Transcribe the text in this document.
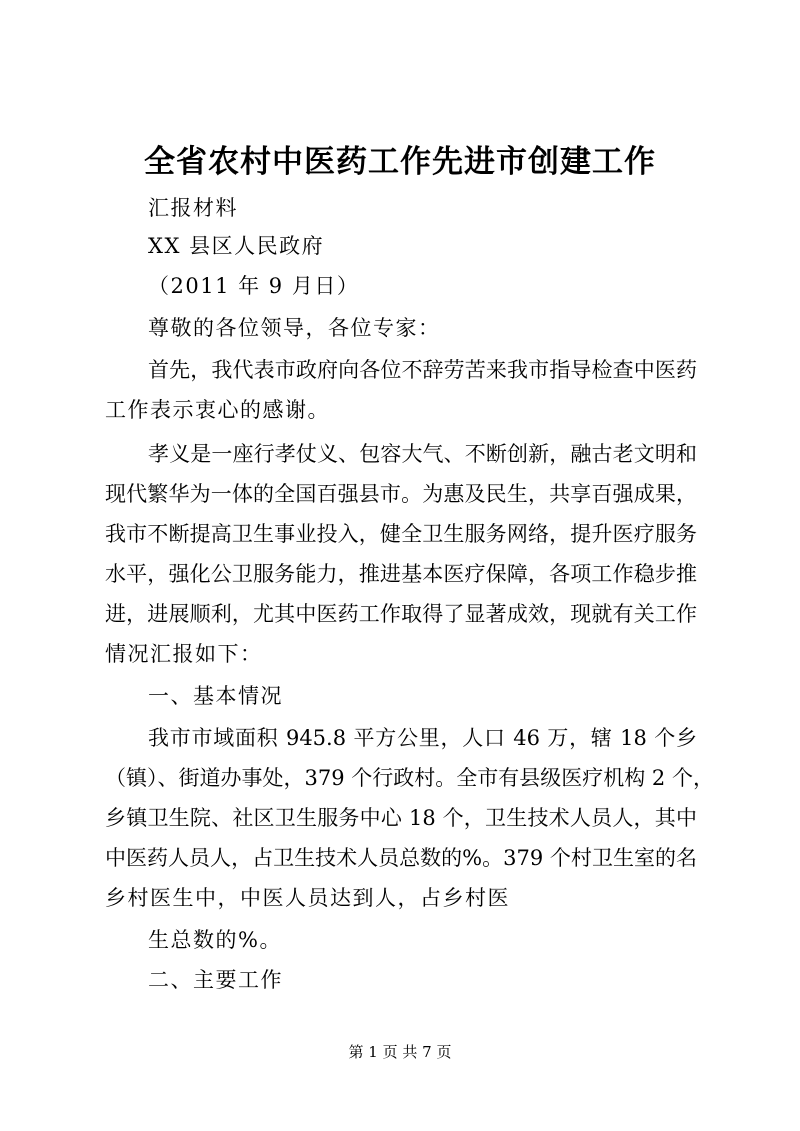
全省农村中医药工作先进市创建工作
汇报材料
XX 县区人民政府
（2011 年 9 月日）
尊敬的各位领导，各位专家：
首先，我代表市政府向各位不辞劳苦来我市指导检查中医药
工作表示衷心的感谢。
孝义是一座行孝仗义、包容大气、不断创新，融古老文明和
现代繁华为一体的全国百强县市。为惠及民生，共享百强成果，
我市不断提高卫生事业投入，健全卫生服务网络，提升医疗服务
水平，强化公卫服务能力，推进基本医疗保障，各项工作稳步推
进，进展顺利，尤其中医药工作取得了显著成效，现就有关工作
情况汇报如下：
一、基本情况
我市市域面积 945.8 平方公里，人口 46 万，辖 18 个乡
（镇）、街道办事处，379 个行政村。全市有县级医疗机构 2 个，
乡镇卫生院、社区卫生服务中心 18 个，卫生技术人员人，其中
中医药人员人，占卫生技术人员总数的%。379 个村卫生室的名
乡村医生中，中医人员达到人，占乡村医
生总数的%。
二、主要工作
第 1 页 共 7 页
